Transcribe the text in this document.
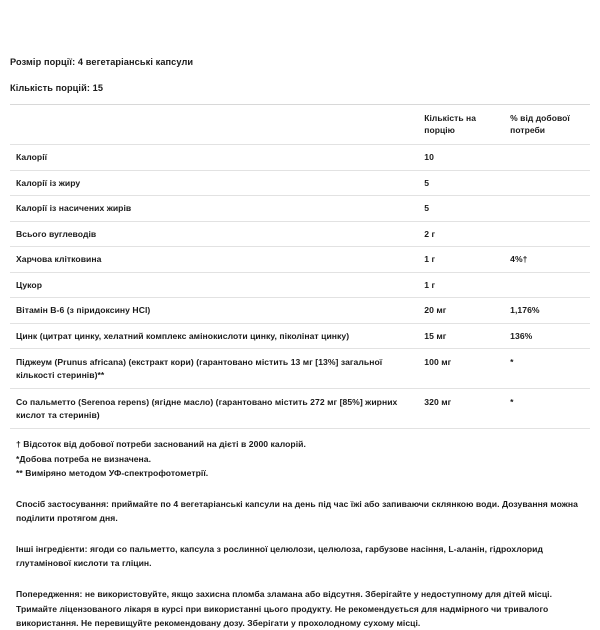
Розмір порції: 4 вегетаріанські капсули

Кількість порцій: 15

	Кількість на порцію	% від добової потреби
Калорії	10	
Калорії із жиру	5	
Калорії із насичених жирів	5	
Всього вуглеводів	2 г	
Харчова клітковина	1 г	4%†
Цукор	1 г	
Вітамін B-6 (з піридоксину HCl)	20 мг	1,176%
Цинк (цитрат цинку, хелатний комплекс амінокислоти цинку, піколінат цинку)	15 мг	136%
Піджеум (Prunus africana) (екстракт кори) (гарантовано містить 13 мг [13%] загальної кількості стеринів)**	100 мг	*
Со пальметто (Serenoa repens) (ягідне масло) (гарантовано містить 272 мг [85%] жирних кислот та стеринів)	320 мг	*

† Відсоток від добової потреби заснований на дієті в 2000 калорій.

*Добова потреба не визначена.

** Виміряно методом УФ-спектрофотометрії.

Спосіб застосування: приймайте по 4 вегетаріанські капсули на день під час їжі або запиваючи склянкою води. Дозування можна поділити протягом дня.

Інші інгредієнти: ягоди со пальметто, капсула з рослинної целюлози, целюлоза, гарбузове насіння, L-аланін, гідрохлорид глутамінової кислоти та гліцин.

Попередження: не використовуйте, якщо захисна пломба зламана або відсутня. Зберігайте у недоступному для дітей місці. Тримайте ліцензованого лікаря в курсі при використанні цього продукту. Не рекомендується для надмірного чи тривалого використання. Не перевищуйте рекомендовану дозу. Зберігати у прохолодному сухому місці.
